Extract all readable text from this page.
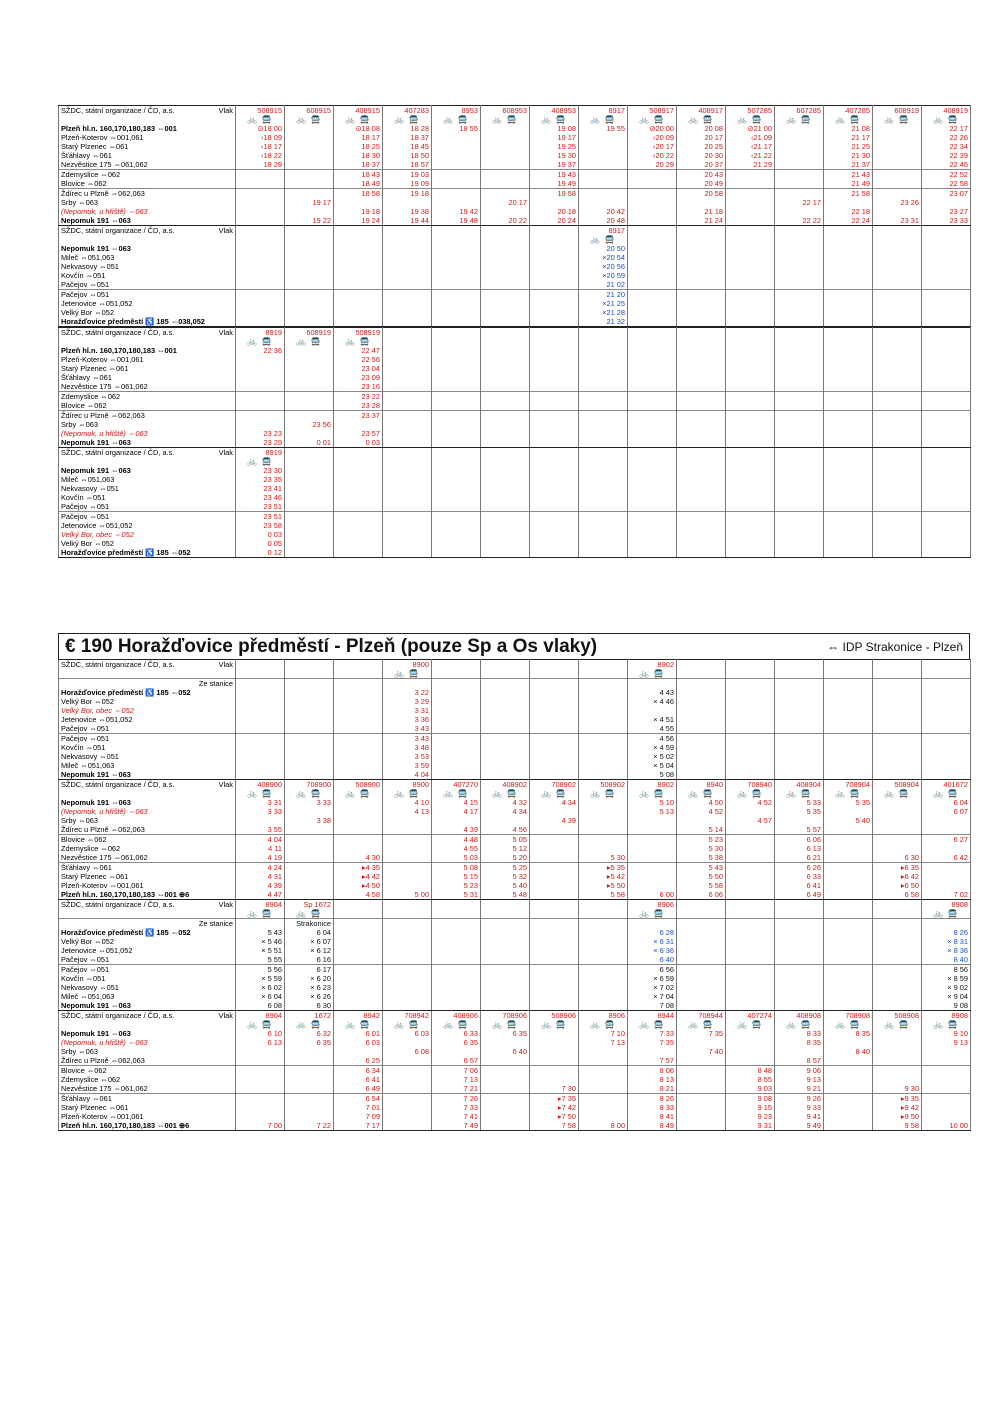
SŽDC, státní organizace / ČD, a.s. Vlak	508915	608915	408915	407283	8953	608953	408953	8917	508917	408917	507285	607285	407285	608919	408919
	🚲 🚍	🚲 🚍	🚲 🚍	🚲 🚍	🚲 🚍	🚲 🚍	🚲 🚍	🚲 🚍	🚲 🚍	🚲 🚍	🚲 🚍	🚲 🚍	🚲 🚍	🚲 🚍	🚲 🚍
Plzeň hl.n. 160,170,180,183 ⇔001	⊙18 00		⊙18 08	18 28	18 55		19 08	19 55	⊘20 00	20 08	⊘21 00		21 08		22 17
Plzeň-Koterov ⇔001,061	‹18 09		18 17	18 37			19 17		‹20 09	20 17	‹21 09		21 17		22 26
Starý Plzenec ⇔061	‹18 17		18 25	18 45			19 25		‹20 17	20 25	‹21 17		21 25		22 34
Šťáhlavy ⇔061	‹18 22		18 30	18 50			19 30		‹20 22	20 30	‹21 22		21 30		22 39
Nezvěstice 175 ⇔061,062	18 29		18 37	18 57			19 37		20 29	20 37	21 29		21 37		22 46
Zdemyslice ⇔062			18 43	19 03			19 43			20 43			21 43		22 52
Blovice ⇔062			18 49	19 09			19 49			20 49			21 49		22 58
Ždírec u Plzně ⇔062,063			18 58	19 18			19 58			20 58			21 58		23 07
Srby ⇔063		19 17				20 17						22 17		23 26	
(Nepomuk, u hřiště) ⇔063			19 18	19 38	19 42		20 18	20 42		21 18			22 18		23 27
Nepomuk 191 ⇔063		19 22	19 24	19 44	19 48	20 22	20 24	20 48		21 24		22 22	22 24	23 31	23 33
SŽDC, státní organizace / ČD, a.s. Vlak								8917							
								🚲 🚍							
Nepomuk 191 ⇔063								20 50							
Mileč ⇔051,063								×20 54							
Nekvasovy ⇔051								×20 56							
Kovčín ⇔051								×20 59							
Pačejov ⇔051								21 02							
Pačejov ⇔051								21 20							
Jetenovice ⇔051,052								×21 25							
Velký Bor ⇔052								×21 28							
Horažďovice předměstí ♿ 185 ⇔038,052								21 32							
SŽDC, státní organizace / ČD, a.s. Vlak	8919	608919	508919												
	🚲 🚍	🚲 🚍	🚲 🚍												
Plzeň hl.n. 160,170,180,183 ⇔001	22 36		22 47												
Plzeň-Koterov ⇔001,061			22 56												
Starý Plzenec ⇔061			23 04												
Šťáhlavy ⇔061			23 09												
Nezvěstice 175 ⇔061,062			23 16												
Zdemyslice ⇔062			23 22												
Blovice ⇔062			23 28												
Ždírec u Plzně ⇔062,063			23 37												
Srby ⇔063		23 56													
(Nepomuk, u hřiště) ⇔063	23 23		23 57												
Nepomuk 191 ⇔063	23 29	0 01	0 03												
SŽDC, státní organizace / ČD, a.s. Vlak	8919														
	🚲 🚍														
Nepomuk 191 ⇔063	23 30														
Mileč ⇔051,063	23 35														
Nekvasovy ⇔051	23 41														
Kovčín ⇔051	23 46														
Pačejov ⇔051	23 51														
Pačejov ⇔051	23 51														
Jetenovice ⇔051,052	23 58														
Velký Bor, obec ⇔052	0 03														
Velký Bor ⇔052	0 05														
Horažďovice předměstí ♿ 185 ⇔052	0 12														
€ 190 Horažďovice předměstí - Plzeň (pouze Sp a Os vlaky)	⇔ IDP Strakonice - Plzeň
SŽDC, státní organizace / ČD, a.s. Vlak				8900					8902						
				🚲 🚍					🚲 🚍						
Ze stanice															
Horažďovice předměstí ♿ 185 ⇔052				3 22					4 43						
Velký Bor ⇔052				3 29					× 4 46						
Velký Bor, obec ⇔052				3 31											
Jetenovice ⇔051,052				3 36					× 4 51						
Pačejov ⇔051				3 43					4 55						
Pačejov ⇔051				3 43					4 56						
Kovčín ⇔051				3 48					× 4 59						
Nekvasovy ⇔051				3 53					× 5 02						
Mileč ⇔051,063				3 59					× 5 04						
Nepomuk 191 ⇔063				4 04					5 08						
SŽDC, státní organizace / ČD, a.s. Vlak	408900	708900	508900	8900	407270	408902	708902	508902	8902	8940	708940	408904	708904	508904	401672
	🚲 🚍	🚲 🚍	🚲 🚍	🚲 🚍	🚲 🚍	🚲 🚍	🚲 🚍	🚲 🚍	🚲 🚍	🚲 🚍	🚲 🚍	🚲 🚍	🚲 🚍	🚲 🚍	🚲 🚍
Nepomuk 191 ⇔063	3 31	3 33		4 10	4 15	4 32	4 34		5 10	4 50	4 52	5 33	5 35		6 04
(Nepomuk, u hřiště) ⇔063	3 33			4 13	4 17	4 34			5 13	4 52		5 35			6 07
Srby ⇔063		3 38					4 39				4 57		5 40		
Ždírec u Plzně ⇔062,063	3 55				4 39	4 56				5 14		5 57			
Blovice ⇔062	4 04				4 48	5 05				5 23		6 06			6 27
Zdemyslice ⇔062	4 11				4 55	5 12				5 30		6 13			
Nezvěstice 175 ⇔061,062	4 19		4 30		5 03	5 20		5 30		5 38		6 21		6 30	6 42
Šťáhlavy ⇔061	4 24		▸4 35		5 08	5 25		▸5 35		5 43		6 26		▸6 35	
Starý Plzenec ⇔061	4 31		▸4 42		5 15	5 32		▸5 42		5 50		6 33		▸6 42	
Plzeň-Koterov ⇔001,061	4 39		▸4 50		5 23	5 40		▸5 50		5 58		6 41		▸6 50	
Plzeň hl.n. 160,170,180,183 ⇔001 ⊕6	4 47		4 58	5 00	5 31	5 48		5 58	6 00	6 06		6 49		6 58	7 02
SŽDC, státní organizace / ČD, a.s. Vlak	8904	Sp 1672							8906						8908
	🚲 🚍	🚲 🚍							🚲 🚍						🚲 🚍
Ze stanice		Strakonice													
Horažďovice předměstí ♿ 185 ⇔052	5 43	6 04							6 28						8 26
Velký Bor ⇔052	× 5 46	× 6 07							× 6 31						× 8 31
Jetenovice ⇔051,052	× 5 51	× 6 12							× 6 36						× 8 36
Pačejov ⇔051	5 55	6 16							6 40						8 40
Pačejov ⇔051	5 56	6 17							6 56						8 56
Kovčín ⇔051	× 5 59	× 6 20							× 6 59						× 8 59
Nekvasovy ⇔051	× 6 02	× 6 23							× 7 02						× 9 02
Mileč ⇔051,063	× 6 04	× 6 26							× 7 04						× 9 04
Nepomuk 191 ⇔063	6 08	6 30							7 08						9 08
SŽDC, státní organizace / ČD, a.s. Vlak	8904	1672	8942	708942	408906	708906	508906	8906	8944	708944	407274	408908	708908	508908	8908
	🚲 🚍	🚲 🚍	🚲 🚍	🚲 🚍	🚲 🚍	🚲 🚍	🚲 🚍	🚲 🚍	🚲 🚍	🚲 🚍	🚲 🚍	🚲 🚍	🚲 🚍	🚲 🚍	🚲 🚍
Nepomuk 191 ⇔063	6 10	6 32	6 01	6 03	6 33	6 35		7 10	7 33	7 35		8 33	8 35		9 10
(Nepomuk, u hřiště) ⇔063	6 13	6 35	6 03		6 35			7 13	7 35			8 35			9 13
Srby ⇔063				6 08		6 40				7 40			8 40		
Ždírec u Plzně ⇔062,063			6 25		6 57				7 57			8 57			
Blovice ⇔062			6 34		7 06				8 06		8 48	9 06			
Zdemyslice ⇔062			6 41		7 13				8 13		8 55	9 13			
Nezvěstice 175 ⇔061,062			6 49		7 21		7 30		8 21		9 03	9 21		9 30	
Šťáhlavy ⇔061			6 54		7 26		▸7 35		8 26		9 08	9 26		▸9 35	
Starý Plzenec ⇔061			7 01		7 33		▸7 42		8 33		9 15	9 33		▸9 42	
Plzeň-Koterov ⇔001,061			7 09		7 41		▸7 50		8 41		9 23	9 41		▸9 50	
Plzeň hl.n. 160,170,180,183 ⇔001 ⊕6	7 00	7 22	7 17		7 49		7 58	8 00	8 49		9 31	9 49		9 58	10 00
